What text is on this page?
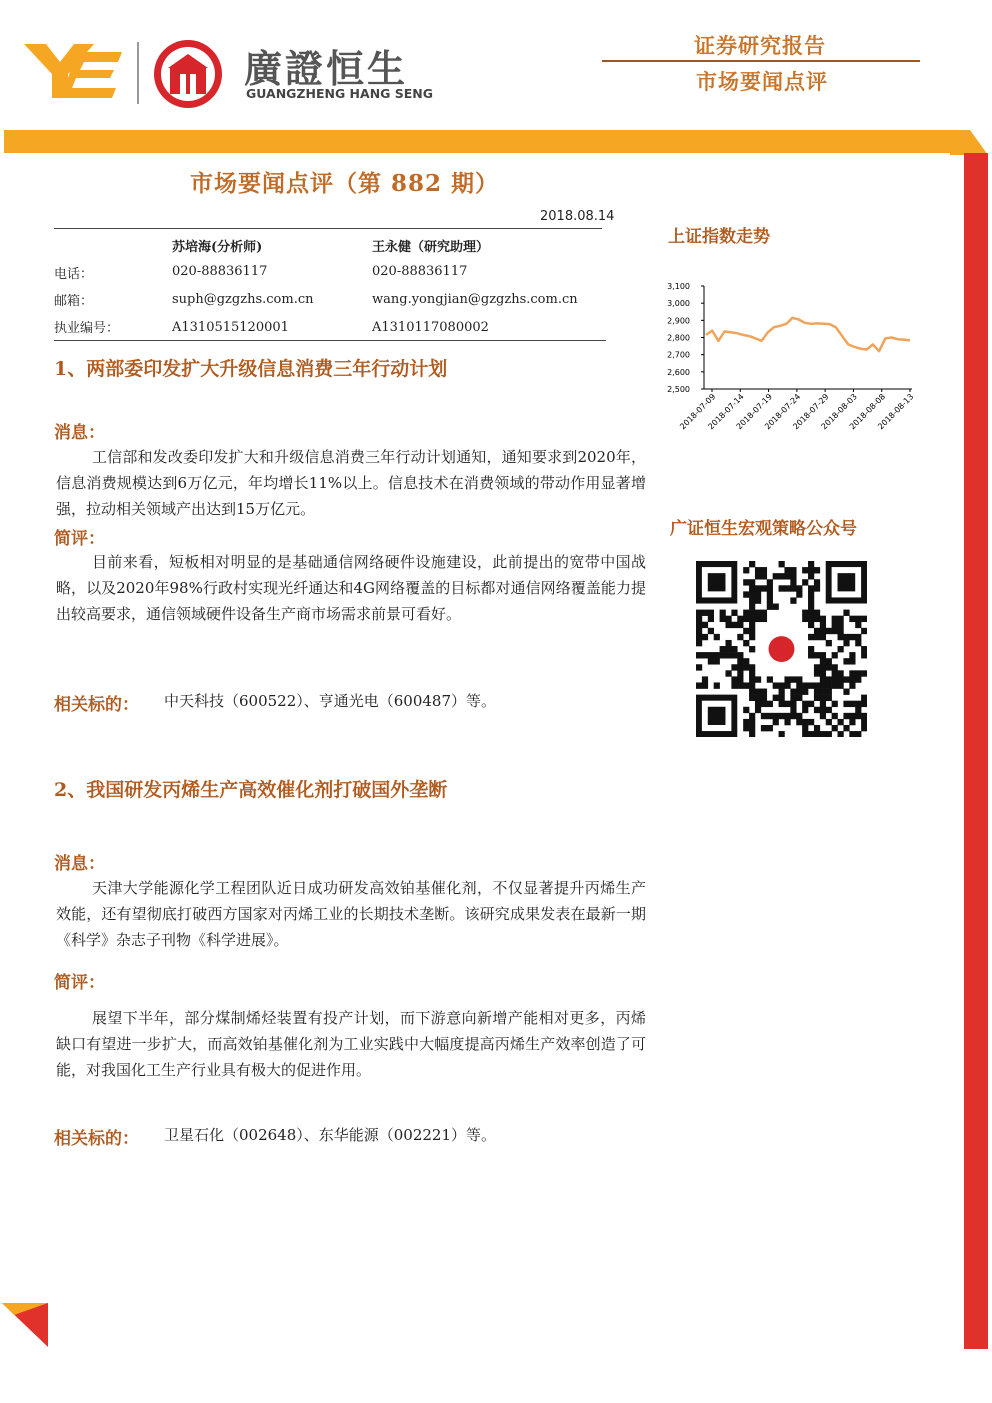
廣證恒生
GUANGZHENG HANG SENG
证券研究报告
市场要闻点评
市场要闻点评（第 882 期）
2018.08.14
苏培海(分析师)	王永健（研究助理）
电话：	020-88836117	020-88836117
邮箱：	suph@gzgzhs.com.cn	wang.yongjian@gzgzhs.com.cn
执业编号：	A1310515120001	A1310117080002
1、两部委印发扩大升级信息消费三年行动计划
消息：
工信部和发改委印发扩大和升级信息消费三年行动计划通知，通知要求到2020年，信息消费规模达到6万亿元，年均增长11%以上。信息技术在消费领域的带动作用显著增强，拉动相关领域产出达到15万亿元。
简评：
目前来看，短板相对明显的是基础通信网络硬件设施建设，此前提出的宽带中国战略，以及2020年98%行政村实现光纤通达和4G网络覆盖的目标都对通信网络覆盖能力提出较高要求，通信领域硬件设备生产商市场需求前景可看好。
相关标的： 中天科技（600522）、亨通光电（600487）等。
2、我国研发丙烯生产高效催化剂打破国外垄断
消息：
天津大学能源化学工程团队近日成功研发高效铂基催化剂，不仅显著提升丙烯生产效能，还有望彻底打破西方国家对丙烯工业的长期技术垄断。该研究成果发表在最新一期《科学》杂志子刊物《科学进展》。
简评：
展望下半年，部分煤制烯烃装置有投产计划，而下游意向新增产能相对更多，丙烯缺口有望进一步扩大，而高效铂基催化剂为工业实践中大幅度提高丙烯生产效率创造了可能，对我国化工生产行业具有极大的促进作用。
相关标的： 卫星石化（002648）、东华能源（002221）等。
上证指数走势
3,100
3,000
2,900
2,800
2,700
2,600
2,500
2018-07-09
2018-07-14
2018-07-19
2018-07-24
2018-07-29
2018-08-03
2018-08-08
2018-08-13
广证恒生宏观策略公众号
